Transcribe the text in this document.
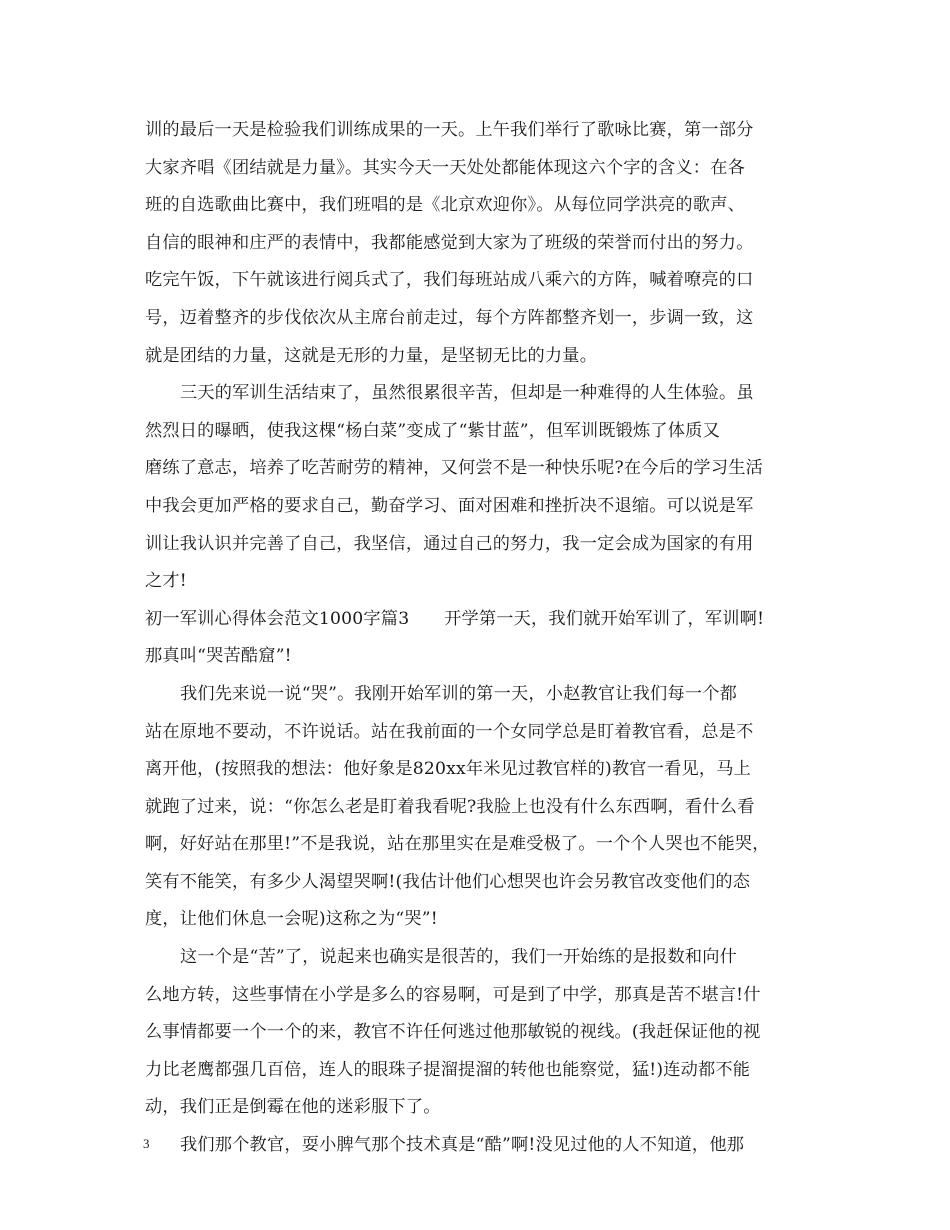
训的最后一天是检验我们训练成果的一天。上午我们举行了歌咏比赛，第一部分
大家齐唱《团结就是力量》。其实今天一天处处都能体现这六个字的含义：在各
班的自选歌曲比赛中，我们班唱的是《北京欢迎你》。从每位同学洪亮的歌声、
自信的眼神和庄严的表情中，我都能感觉到大家为了班级的荣誉而付出的努力。
吃完午饭，下午就该进行阅兵式了，我们每班站成八乘六的方阵，喊着嘹亮的口
号，迈着整齐的步伐依次从主席台前走过，每个方阵都整齐划一，步调一致，这
就是团结的力量，这就是无形的力量，是坚韧无比的力量。
三天的军训生活结束了，虽然很累很辛苦，但却是一种难得的人生体验。虽
然烈日的曝晒，使我这棵“杨白菜”变成了“紫甘蓝”，但军训既锻炼了体质又
磨练了意志，培养了吃苦耐劳的精神，又何尝不是一种快乐呢?在今后的学习生活
中我会更加严格的要求自己，勤奋学习、面对困难和挫折决不退缩。可以说是军
训让我认识并完善了自己，我坚信，通过自己的努力，我一定会成为国家的有用
之才!
初一军训心得体会范文1000字篇3　　开学第一天，我们就开始军训了，军训啊!
那真叫“哭苦酷窟”!
我们先来说一说“哭”。我刚开始军训的第一天，小赵教官让我们每一个都
站在原地不要动，不许说话。站在我前面的一个女同学总是盯着教官看，总是不
离开他，(按照我的想法：他好象是820xx年米见过教官样的)教官一看见，马上
就跑了过来，说：“你怎么老是盯着我看呢?我脸上也没有什么东西啊，看什么看
啊，好好站在那里!”不是我说，站在那里实在是难受极了。一个个人哭也不能哭，
笑有不能笑，有多少人渴望哭啊!(我估计他们心想哭也许会另教官改变他们的态
度，让他们休息一会呢)这称之为“哭”!
这一个是“苦”了，说起来也确实是很苦的，我们一开始练的是报数和向什
么地方转，这些事情在小学是多么的容易啊，可是到了中学，那真是苦不堪言!什
么事情都要一个一个的来，教官不许任何逃过他那敏锐的视线。(我赶保证他的视
力比老鹰都强几百倍，连人的眼珠子提溜提溜的转他也能察觉，猛!)连动都不能
动，我们正是倒霉在他的迷彩服下了。
我们那个教官，耍小脾气那个技术真是“酷”啊!没见过他的人不知道，他那
3
